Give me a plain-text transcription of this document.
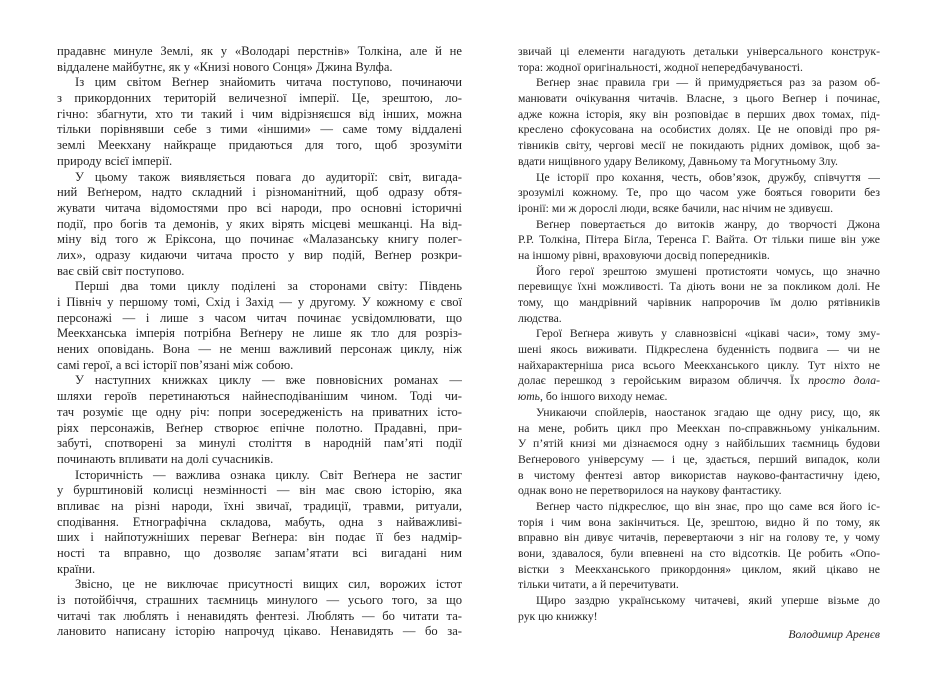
прадавнє минуле Землі, як у «Володарі перстнів» Толкіна, але й не
віддалене майбутнє, як у «Книзі нового Сонця» Джина Вулфа.
Із цим світом Веґнер знайомить читача поступово, починаючи
з прикордонних територій величезної імперії. Це, зрештою, ло-
гічно: збагнути, хто ти такий і чим відрізняєшся від інших, можна
тільки порівнявши себе з тими «іншими» — саме тому віддалені
землі Меекхану найкраще придаються для того, щоб зрозуміти
природу всієї імперії.
У цьому також виявляється повага до аудиторії: світ, вигада-
ний Веґнером, надто складний і різноманітний, щоб одразу обтя-
жувати читача відомостями про всі народи, про основні історичні
події, про богів та демонів, у яких вірять місцеві мешканці. На від-
міну від того ж Еріксона, що починає «Малазанську книгу полег-
лих», одразу кидаючи читача просто у вир подій, Веґнер розкри-
ває свій світ поступово.
Перші два томи циклу поділені за сторонами світу: Південь
і Північ у першому томі, Схід і Захід — у другому. У кожному є свої
персонажі — і лише з часом читач починає усвідомлювати, що
Меекханська імперія потрібна Веґнеру не лише як тло для розріз-
нених оповідань. Вона — не менш важливий персонаж циклу, ніж
самі герої, а всі історії пов’язані між собою.
У наступних книжках циклу — вже повновісних романах —
шляхи героїв перетинаються найнесподіванішим чином. Тоді чи-
тач розуміє ще одну річ: попри зосередженість на приватних істо-
ріях персонажів, Веґнер створює епічне полотно. Прадавні, при-
забуті, спотворені за минулі століття в народній пам’яті події
починають впливати на долі сучасників.
Історичність — важлива ознака циклу. Світ Веґнера не застиг
у бурштиновій колисці незмінності — він має свою історію, яка
впливає на різні народи, їхні звичаї, традиції, травми, ритуали,
сподівання. Етнографічна складова, мабуть, одна з найважливі-
ших і найпотужніших переваг Веґнера: він подає її без надмір-
ності та вправно, що дозволяє запам’ятати всі вигадані ним
країни.
Звісно, це не виключає присутності вищих сил, ворожих істот
із потойбіччя, страшних таємниць минулого — усього того, за що
читачі так люблять і ненавидять фентезі. Люблять — бо читати та-
лановито написану історію напрочуд цікаво. Ненавидять — бо за-
звичай ці елементи нагадують детальки універсального конструк-
тора: жодної оригінальності, жодної непередбачуваності.
Веґнер знає правила гри — й примудряється раз за разом об-
манювати очікування читачів. Власне, з цього Веґнер і починає,
адже кожна історія, яку він розповідає в перших двох томах, під-
креслено сфокусована на особистих долях. Це не оповіді про ря-
тівників світу, чергові месії не покидають рідних домівок, щоб за-
вдати нищівного удару Великому, Давньому та Могутньому Злу.
Це історії про кохання, честь, обов’язок, дружбу, співчуття —
зрозумілі кожному. Те, про що часом уже бояться говорити без
іронії: ми ж дорослі люди, всяке бачили, нас нічим не здивуєш.
Веґнер повертається до витоків жанру, до творчості Джона
Р.Р. Толкіна, Пітера Біґла, Теренса Г. Вайта. От тільки пише він уже
на іншому рівні, враховуючи досвід попередників.
Його герої зрештою змушені протистояти чомусь, що значно
перевищує їхні можливості. Та діють вони не за покликом долі. Не
тому, що мандрівний чарівник напророчив їм долю рятівників
людства.
Герої Веґнера живуть у славнозвісні «цікаві часи», тому зму-
шені якось виживати. Підкреслена буденність подвига — чи не
найхарактерніша риса всього Меекханського циклу. Тут ніхто не
долає перешкод з геройським виразом обличчя. Їх просто дола-
ють, бо іншого виходу немає.
Уникаючи спойлерів, наостанок згадаю ще одну рису, що, як
на мене, робить цикл про Меекхан по-справжньому унікальним.
У п’ятій книзі ми дізнаємося одну з найбільших таємниць будови
Веґнерового універсуму — і це, здається, перший випадок, коли
в чистому фентезі автор використав науково-фантастичну ідею,
однак воно не перетворилося на наукову фантастику.
Веґнер часто підкреслює, що він знає, про що саме вся його іс-
торія і чим вона закінчиться. Це, зрештою, видно й по тому, як
вправно він дивує читачів, перевертаючи з ніг на голову те, у чому
вони, здавалося, були впевнені на сто відсотків. Це робить «Опо-
вістки з Меекханського прикордоння» циклом, який цікаво не
тільки читати, а й перечитувати.
Щиро заздрю українському читачеві, який уперше візьме до
рук цю книжку!
Володимир Аренєв
